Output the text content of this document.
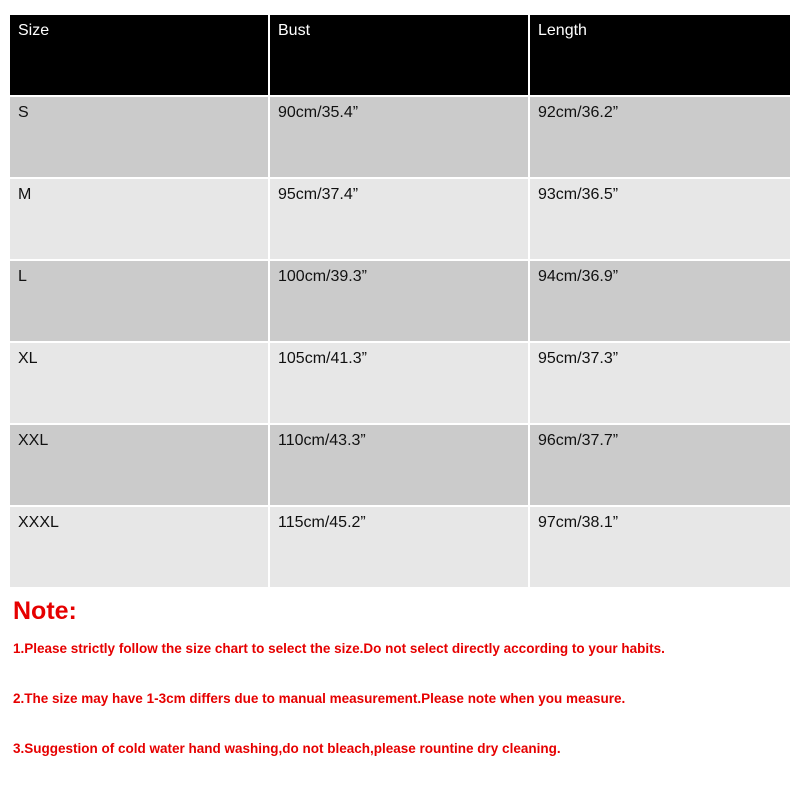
Size	Bust	Length
S	90cm/35.4”	92cm/36.2”
M	95cm/37.4”	93cm/36.5”
L	100cm/39.3”	94cm/36.9”
XL	105cm/41.3”	95cm/37.3”
XXL	110cm/43.3”	96cm/37.7”
XXXL	115cm/45.2”	97cm/38.1”
Note:

1.Please strictly follow the size chart to select the size.Do not select directly according to your habits.

2.The size may have 1-3cm differs due to manual measurement.Please note when you measure.

3.Suggestion of cold water hand washing,do not bleach,please rountine dry cleaning.
